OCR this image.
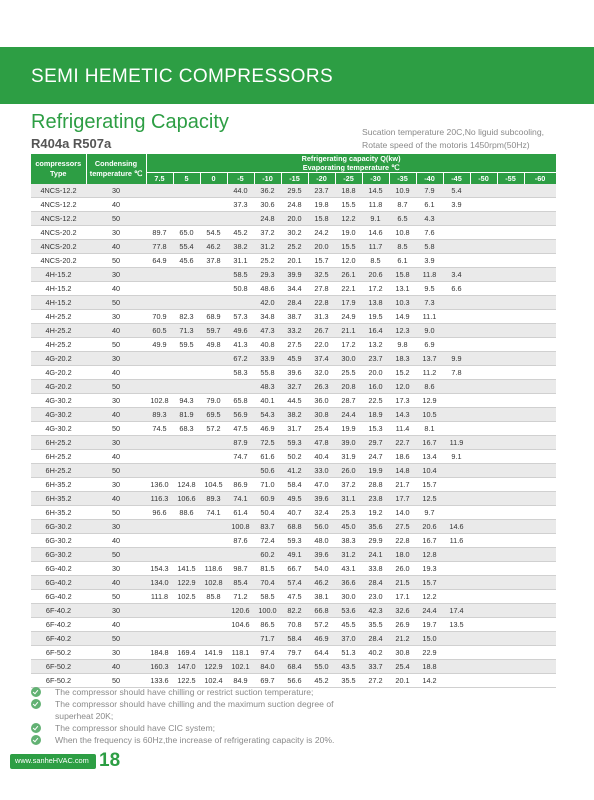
SEMI HEMETIC COMPRESSORS
Refrigerating Capacity
R404a R507a
Sucation temperature 20C,No liguid subcooling,
Rotate speed of the motoris 1450rpm(50Hz)
compressors Type	Condensing temperature ℃	Refrigerating capacity Q(kw)														
		Evaporating temperature ℃														
		7.5	5	0	-5	-10	-15	-20	-25	-30	-35	-40	-45	-50	-55	-60
4NCS-12.2	30				44.0	36.2	29.5	23.7	18.8	14.5	10.9	7.9	5.4			
4NCS-12.2	40				37.3	30.6	24.8	19.8	15.5	11.8	8.7	6.1	3.9			
4NCS-12.2	50					24.8	20.0	15.8	12.2	9.1	6.5	4.3				
4NCS-20.2	30	89.7	65.0	54.5	45.2	37.2	30.2	24.2	19.0	14.6	10.8	7.6				
4NCS-20.2	40	77.8	55.4	46.2	38.2	31.2	25.2	20.0	15.5	11.7	8.5	5.8				
4NCS-20.2	50	64.9	45.6	37.8	31.1	25.2	20.1	15.7	12.0	8.5	6.1	3.9				
4H-15.2	30				58.5	29.3	39.9	32.5	26.1	20.6	15.8	11.8	3.4			
4H-15.2	40				50.8	48.6	34.4	27.8	22.1	17.2	13.1	9.5	6.6			
4H-15.2	50					42.0	28.4	22.8	17.9	13.8	10.3	7.3				
4H-25.2	30	70.9	82.3	68.9	57.3	34.8	38.7	31.3	24.9	19.5	14.9	11.1				
4H-25.2	40	60.5	71.3	59.7	49.6	47.3	33.2	26.7	21.1	16.4	12.3	9.0				
4H-25.2	50	49.9	59.5	49.8	41.3	40.8	27.5	22.0	17.2	13.2	9.8	6.9				
4G-20.2	30				67.2	33.9	45.9	37.4	30.0	23.7	18.3	13.7	9.9			
4G-20.2	40				58.3	55.8	39.6	32.0	25.5	20.0	15.2	11.2	7.8			
4G-20.2	50					48.3	32.7	26.3	20.8	16.0	12.0	8.6				
4G-30.2	30	102.8	94.3	79.0	65.8	40.1	44.5	36.0	28.7	22.5	17.3	12.9				
4G-30.2	40	89.3	81.9	69.5	56.9	54.3	38.2	30.8	24.4	18.9	14.3	10.5				
4G-30.2	50	74.5	68.3	57.2	47.5	46.9	31.7	25.4	19.9	15.3	11.4	8.1				
6H-25.2	30				87.9	72.5	59.3	47.8	39.0	29.7	22.7	16.7	11.9			
6H-25.2	40				74.7	61.6	50.2	40.4	31.9	24.7	18.6	13.4	9.1			
6H-25.2	50					50.6	41.2	33.0	26.0	19.9	14.8	10.4				
6H-35.2	30	136.0	124.8	104.5	86.9	71.0	58.4	47.0	37.2	28.8	21.7	15.7				
6H-35.2	40	116.3	106.6	89.3	74.1	60.9	49.5	39.6	31.1	23.8	17.7	12.5				
6H-35.2	50	96.6	88.6	74.1	61.4	50.4	40.7	32.4	25.3	19.2	14.0	9.7				
6G-30.2	30				100.8	83.7	68.8	56.0	45.0	35.6	27.5	20.6	14.6			
6G-30.2	40				87.6	72.4	59.3	48.0	38.3	29.9	22.8	16.7	11.6			
6G-30.2	50					60.2	49.1	39.6	31.2	24.1	18.0	12.8				
6G-40.2	30	154.3	141.5	118.6	98.7	81.5	66.7	54.0	43.1	33.8	26.0	19.3				
6G-40.2	40	134.0	122.9	102.8	85.4	70.4	57.4	46.2	36.6	28.4	21.5	15.7				
6G-40.2	50	111.8	102.5	85.8	71.2	58.5	47.5	38.1	30.0	23.0	17.1	12.2				
6F-40.2	30				120.6	100.0	82.2	66.8	53.6	42.3	32.6	24.4	17.4			
6F-40.2	40				104.6	86.5	70.8	57.2	45.5	35.5	26.9	19.7	13.5			
6F-40.2	50					71.7	58.4	46.9	37.0	28.4	21.2	15.0				
6F-50.2	30	184.8	169.4	141.9	118.1	97.4	79.7	64.4	51.3	40.2	30.8	22.9				
6F-50.2	40	160.3	147.0	122.9	102.1	84.0	68.4	55.0	43.5	33.7	25.4	18.8				
6F-50.2	50	133.6	122.5	102.4	84.9	69.7	56.6	45.2	35.5	27.2	20.1	14.2				
The compressor should have chilling or restrict suction temperature;
The compressor should have chilling and the maximum suction degree of
superheat 20K;
The compressor should have CIC system;
When the frequency is 60Hz,the increase of refrigerating capacity is 20%.
www.sanheHVAC.com 18
